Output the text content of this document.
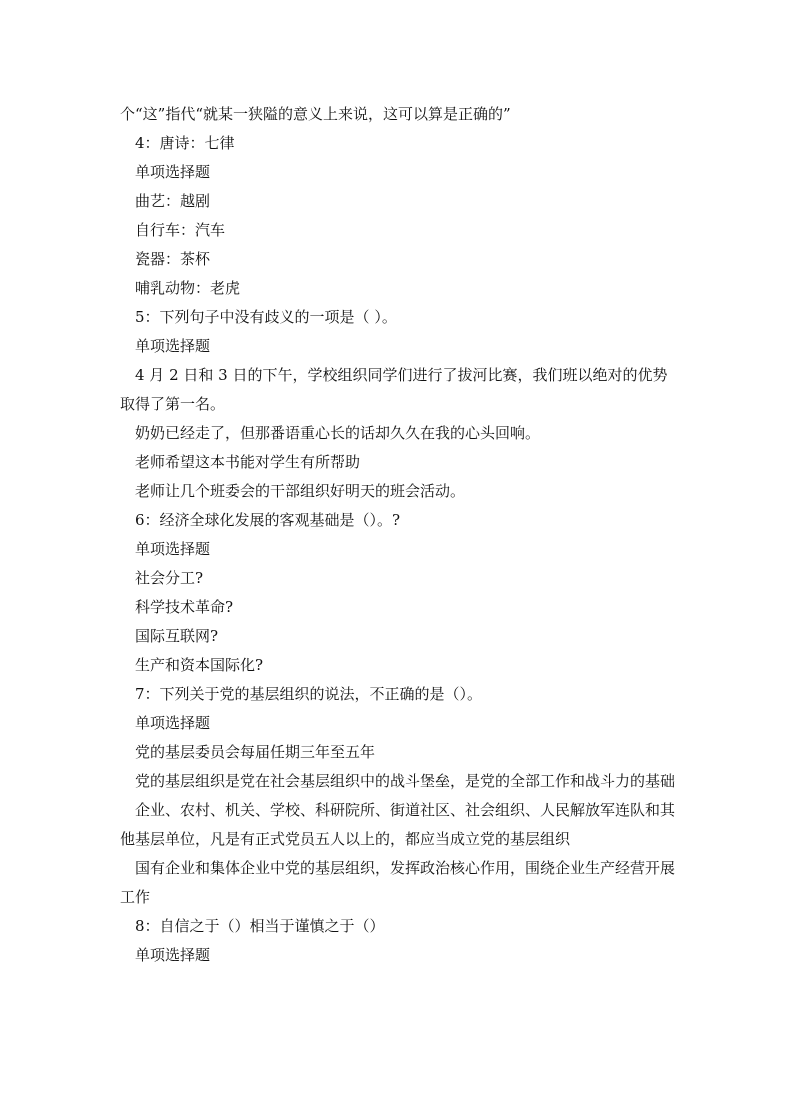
个“这”指代“就某一狭隘的意义上来说，这可以算是正确的”

4：唐诗：七律

单项选择题

曲艺：越剧

自行车：汽车

瓷器：茶杯

哺乳动物：老虎

5：下列句子中没有歧义的一项是（ ）。

单项选择题

4 月 2 日和 3 日的下午，学校组织同学们进行了拔河比赛，我们班以绝对的优势取得了第一名。

奶奶已经走了，但那番语重心长的话却久久在我的心头回响。

老师希望这本书能对学生有所帮助

老师让几个班委会的干部组织好明天的班会活动。

6：经济全球化发展的客观基础是（）。?

单项选择题

社会分工?

科学技术革命?

国际互联网?

生产和资本国际化?

7：下列关于党的基层组织的说法，不正确的是（）。

单项选择题

党的基层委员会每届任期三年至五年

党的基层组织是党在社会基层组织中的战斗堡垒，是党的全部工作和战斗力的基础

企业、农村、机关、学校、科研院所、街道社区、社会组织、人民解放军连队和其他基层单位，凡是有正式党员五人以上的，都应当成立党的基层组织

国有企业和集体企业中党的基层组织，发挥政治核心作用，围绕企业生产经营开展工作

8：自信之于（）相当于谨慎之于（）

单项选择题
